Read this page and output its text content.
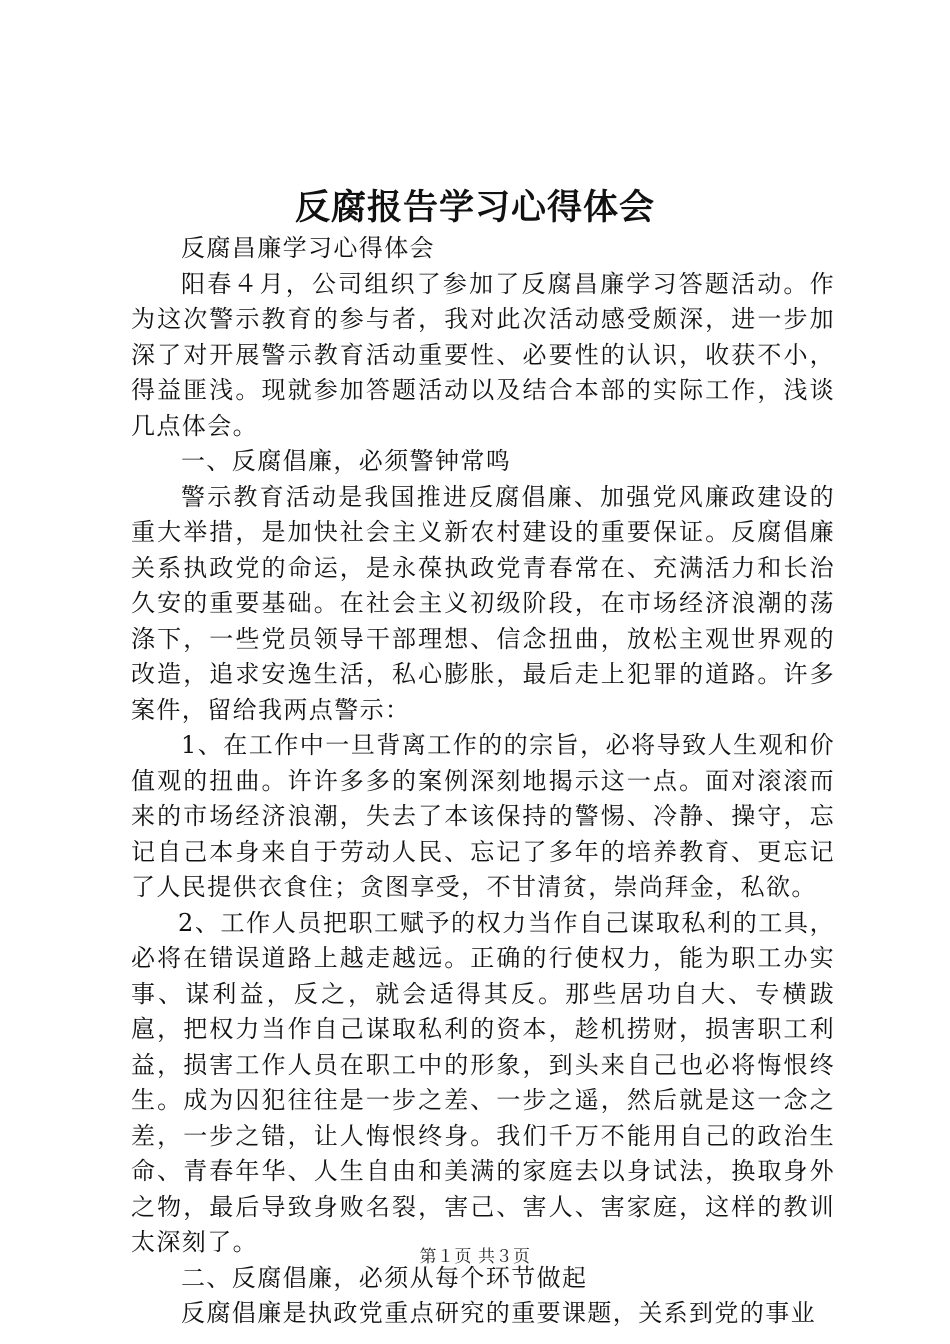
反腐报告学习心得体会

反腐昌廉学习心得体会

阳春４月，公司组织了参加了反腐昌廉学习答题活动。作为这次警示教育的参与者，我对此次活动感受颇深，进一步加深了对开展警示教育活动重要性、必要性的认识，收获不小，得益匪浅。现就参加答题活动以及结合本部的实际工作，浅谈几点体会。

一、反腐倡廉，必须警钟常鸣

警示教育活动是我国推进反腐倡廉、加强党风廉政建设的重大举措，是加快社会主义新农村建设的重要保证。反腐倡廉关系执政党的命运，是永葆执政党青春常在、充满活力和长治久安的重要基础。在社会主义初级阶段，在市场经济浪潮的荡涤下，一些党员领导干部理想、信念扭曲，放松主观世界观的改造，追求安逸生活，私心膨胀，最后走上犯罪的道路。许多案件，留给我两点警示：

1、在工作中一旦背离工作的的宗旨，必将导致人生观和价值观的扭曲。许许多多的案例深刻地揭示这一点。面对滚滚而来的市场经济浪潮，失去了本该保持的警惕、冷静、操守，忘记自己本身来自于劳动人民、忘记了多年的培养教育、更忘记了人民提供衣食住；贪图享受，不甘清贫，崇尚拜金，私欲。

2、工作人员把职工赋予的权力当作自己谋取私利的工具，必将在错误道路上越走越远。正确的行使权力，能为职工办实事、谋利益，反之，就会适得其反。那些居功自大、专横跋扈，把权力当作自己谋取私利的资本，趁机捞财，损害职工利益，损害工作人员在职工中的形象，到头来自己也必将悔恨终生。成为囚犯往往是一步之差、一步之遥，然后就是这一念之差，一步之错，让人悔恨终身。我们千万不能用自己的政治生命、青春年华、人生自由和美满的家庭去以身试法，换取身外之物，最后导致身败名裂，害己、害人、害家庭，这样的教训太深刻了。

二、反腐倡廉，必须从每个环节做起

反腐倡廉是执政党重点研究的重要课题，关系到党的事业

第１页 共３页
